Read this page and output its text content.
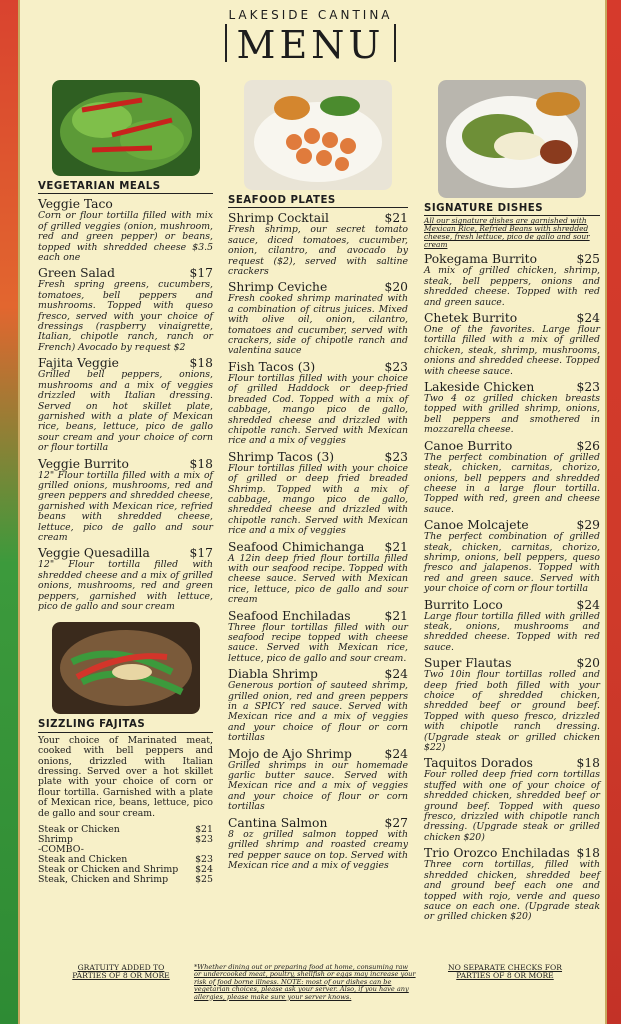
LAKESIDE CANTINA
MENU
VEGETARIAN MEALS
Veggie Taco
Corn or flour tortilla filled with mix of grilled veggies (onion, mushroom, red and green pepper) or beans, topped with shredded cheese $3.5 each one
Green Salad	$17
Fresh spring greens, cucumbers, tomatoes, bell peppers and mushrooms. Topped with queso fresco, served with your choice of dressings (raspberry vinaigrette, Italian, chipotle ranch, ranch or French) Avocado by request $2
Fajita Veggie	$18
Grilled bell peppers, onions, mushrooms and a mix of veggies drizzled with Italian dressing. Served on hot skillet plate, garnished with a plate of Mexican rice, beans, lettuce, pico de gallo sour cream and your choice of corn or flour tortilla
Veggie Burrito	$18
12" Flour tortilla filled with a mix of grilled onions, mushrooms, red and green peppers and shredded cheese, garnished with Mexican rice, refried beans with shredded cheese, lettuce, pico de gallo and sour cream
Veggie Quesadilla	$17
12" Flour tortilla filled with shredded cheese and a mix of grilled onions, mushrooms, red and green peppers, garnished with lettuce, pico de gallo and sour cream
SIZZLING FAJITAS
Your choice of Marinated meat, cooked with bell peppers and onions, drizzled with Italian dressing. Served over a hot skillet plate with your choice of corn or flour tortilla. Garnished with a plate of Mexican rice, beans, lettuce, pico de gallo and sour cream.
Steak or Chicken	$21
Shrimp	$23
-COMBO-
Steak and Chicken	$23
Steak or Chicken and Shrimp $24
Steak, Chicken and Shrimp	$25
SEAFOOD PLATES
Shrimp Cocktail	$21
Fresh shrimp, our secret tomato sauce, diced tomatoes, cucumber, onion, cilantro, and avocado by request ($2), served with saltine crackers
Shrimp Ceviche	$20
Fresh cooked shrimp marinated with a combination of citrus juices. Mixed with olive oil, onion, cilantro, tomatoes and cucumber, served with crackers, side of chipotle ranch and valentina sauce
Fish Tacos (3)	$23
Flour tortillas filled with your choice of grilled Haddock or deep-fried breaded Cod. Topped with a mix of cabbage, mango pico de gallo, shredded cheese and drizzled with chipotle ranch. Served with Mexican rice and a mix of veggies
Shrimp Tacos (3)	$23
Flour tortillas filled with your choice of grilled or deep fried breaded Shrimp. Topped with a mix of cabbage, mango pico de gallo, shredded cheese and drizzled with chipotle ranch. Served with Mexican rice and a mix of veggies
Seafood Chimichanga $21
A 12in deep fried flour tortilla filled with our seafood recipe. Topped with cheese sauce. Served with Mexican rice, lettuce, pico de gallo and sour cream
Seafood Enchiladas	$21
Three flour tortillas filled with our seafood recipe topped with cheese sauce. Served with Mexican rice, lettuce, pico de gallo and sour cream.
Diabla Shrimp	$24
Generous portion of sauteed shrimp, grilled onion, red and green peppers in a SPICY red sauce. Served with Mexican rice and a mix of veggies and your choice of flour or corn tortillas
Mojo de Ajo Shrimp	$24
Grilled shrimps in our homemade garlic butter sauce. Served with Mexican rice and a mix of veggies and your choice of flour or corn tortillas
Cantina Salmon	$27
8 oz grilled salmon topped with grilled shrimp and roasted creamy red pepper sauce on top. Served with Mexican rice and a mix of veggies
SIGNATURE DISHES
All our signature dishes are garnished with Mexican Rice, Refried Beans with shredded cheese, fresh lettuce, pico de gallo and sour cream
Pokegama Burrito	$25
A mix of grilled chicken, shrimp, steak, bell peppers, onions and shredded cheese. Topped with red and green sauce.
Chetek Burrito	$24
One of the favorites. Large flour tortilla filled with a mix of grilled chicken, steak, shrimp, mushrooms, onions and shredded cheese. Topped with cheese sauce.
Lakeside Chicken	$23
Two 4 oz grilled chicken breasts topped with grilled shrimp, onions, bell peppers and smothered in mozzarella cheese.
Canoe Burrito	$26
The perfect combination of grilled steak, chicken, carnitas, chorizo, onions, bell peppers and shredded cheese in a large flour tortilla. Topped with red, green and cheese sauce.
Canoe Molcajete	$29
The perfect combination of grilled steak, chicken, carnitas, chorizo, shrimp, onions, bell peppers, queso fresco and jalapenos. Topped with red and green sauce. Served with your choice of corn or flour tortilla
Burrito Loco	$24
Large flour tortilla filled with grilled steak, onions, mushrooms and shredded cheese. Topped with red sauce.
Super Flautas	$20
Two 10in flour tortillas rolled and deep fried both filled with your choice of shredded chicken, shredded beef or ground beef. Topped with queso fresco, drizzled with chipotle ranch dressing. (Upgrade steak or grilled chicken $22)
Taquitos Dorados	$18
Four rolled deep fried corn tortillas stuffed with one of your choice of shredded chicken, shredded beef or ground beef. Topped with queso fresco, drizzled with chipotle ranch dressing. (Upgrade steak or grilled chicken $20)
Trio Orozco Enchiladas $18
Three corn tortillas, filled with shredded chicken, shredded beef and ground beef each one and topped with rojo, verde and queso sauce on each one. (Upgrade steak or grilled chicken $20)
GRATUITY ADDED TO PARTIES OF 8 OR MORE
*Whether dining out or preparing food at home, consuming raw or undercooked meat, poultry, shellfish or eggs may increase your risk of food borne illness. NOTE: most of our dishes can be vegetarian choices, please ask your server. Also, if you have any allergies, please make sure your server knows.
NO SEPARATE CHECKS FOR PARTIES OF 8 OR MORE
